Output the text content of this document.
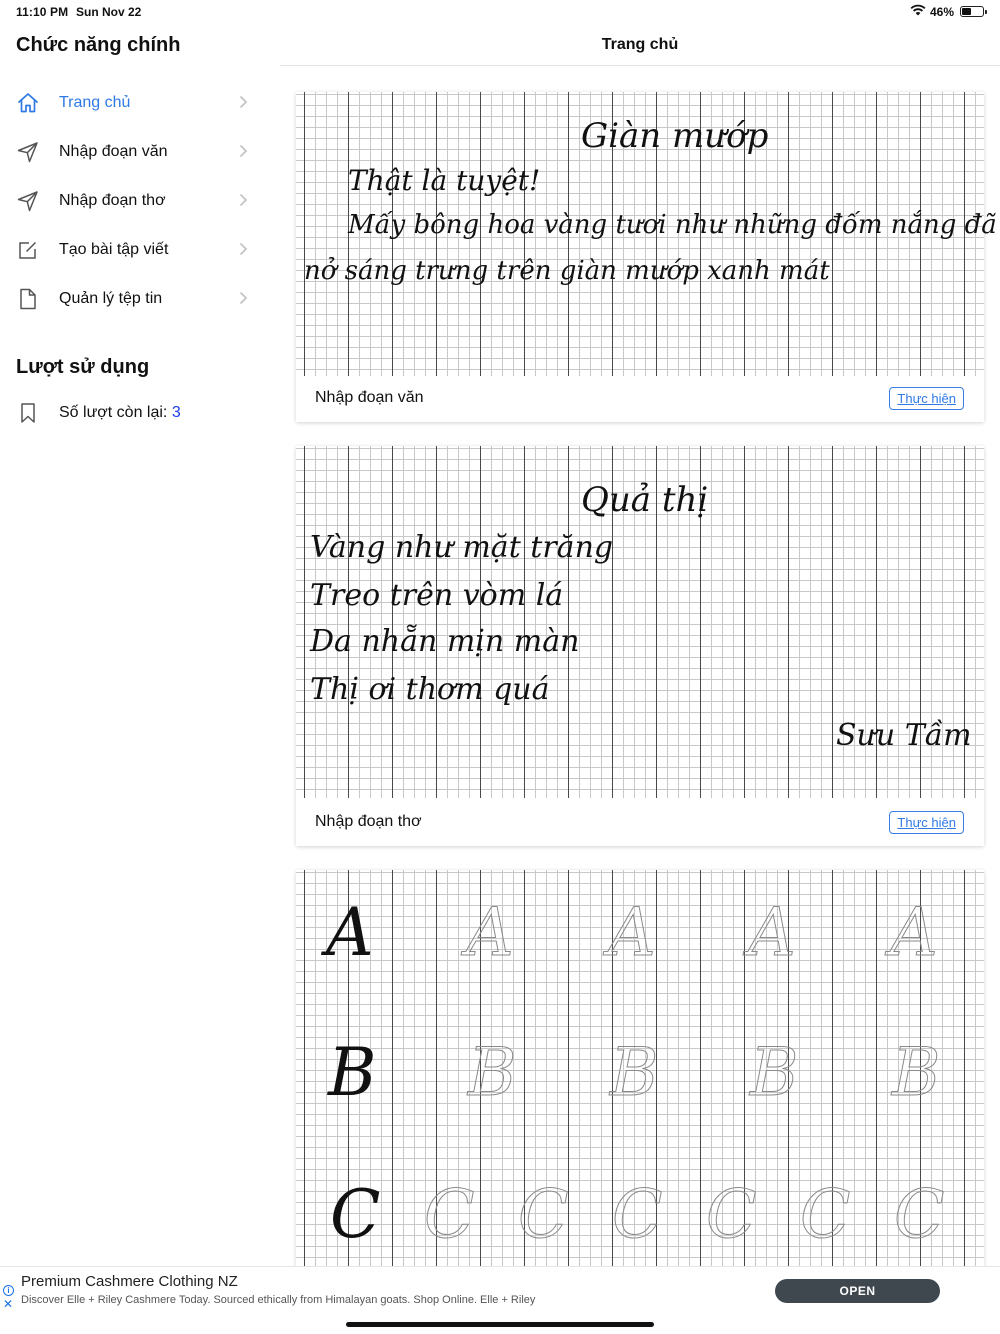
11:10 PM Sun Nov 22	46%
Chức năng chính
Trang chủ
Nhập đoạn văn
Nhập đoạn thơ
Tạo bài tập viết
Quản lý tệp tin
Lượt sử dụng
Số lượt còn lại: 3
Trang chủ
Giàn mướp
Thật là tuyệt!
Mấy bông hoa vàng tươi như những đốm nắng đã
nở sáng trưng trên giàn mướp xanh mát
Nhập đoạn văn	Thực hiện
Quả thị
Vàng như mặt trăng
Treo trên vòm lá
Da nhẵn mịn màn
Thị ơi thơm quá
Sưu Tầm
Nhập đoạn thơ	Thực hiện
A A A A A
B B B B B
C C C C C C C
i
✕
Premium Cashmere Clothing NZ
Discover Elle + Riley Cashmere Today. Sourced ethically from Himalayan goats. Shop Online. Elle + Riley
OPEN
